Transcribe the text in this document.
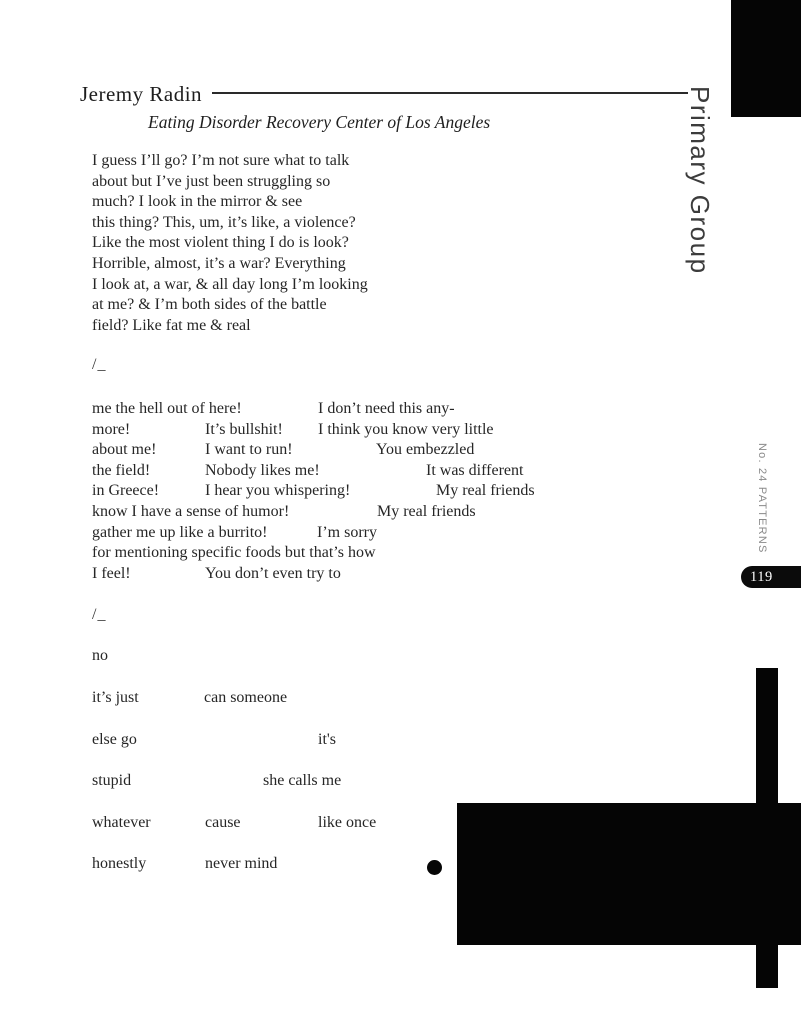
Jeremy Radin
Eating Disorder Recovery Center of Los Angeles
I guess I’ll go? I’m not sure what to talk
about but I’ve just been struggling so
much? I look in the mirror & see
this thing? This, um, it’s like, a violence?
Like the most violent thing I do is look?
Horrible, almost, it’s a war? Everything
I look at, a war, & all day long I’m looking
at me? & I’m both sides of the battle
field? Like fat me & real
/_
me the hell out of here!	I don’t need this any-
more!	It’s bullshit! I think you know very little
about me!	I want to run!	You embezzled
the field!	Nobody likes me!	It was different
in Greece!	I hear you whispering!	My real friends
know I have a sense of humor!	My real friends
gather me up like a burrito!	I’m sorry
for mentioning specific foods but that’s how
I feel!	You don’t even try to
/_
no
it’s just	can someone
else go	it's
stupid	she calls me
whatever	cause	like once
honestly	never mind
Primary Group
No. 24 PATTERNS
119
